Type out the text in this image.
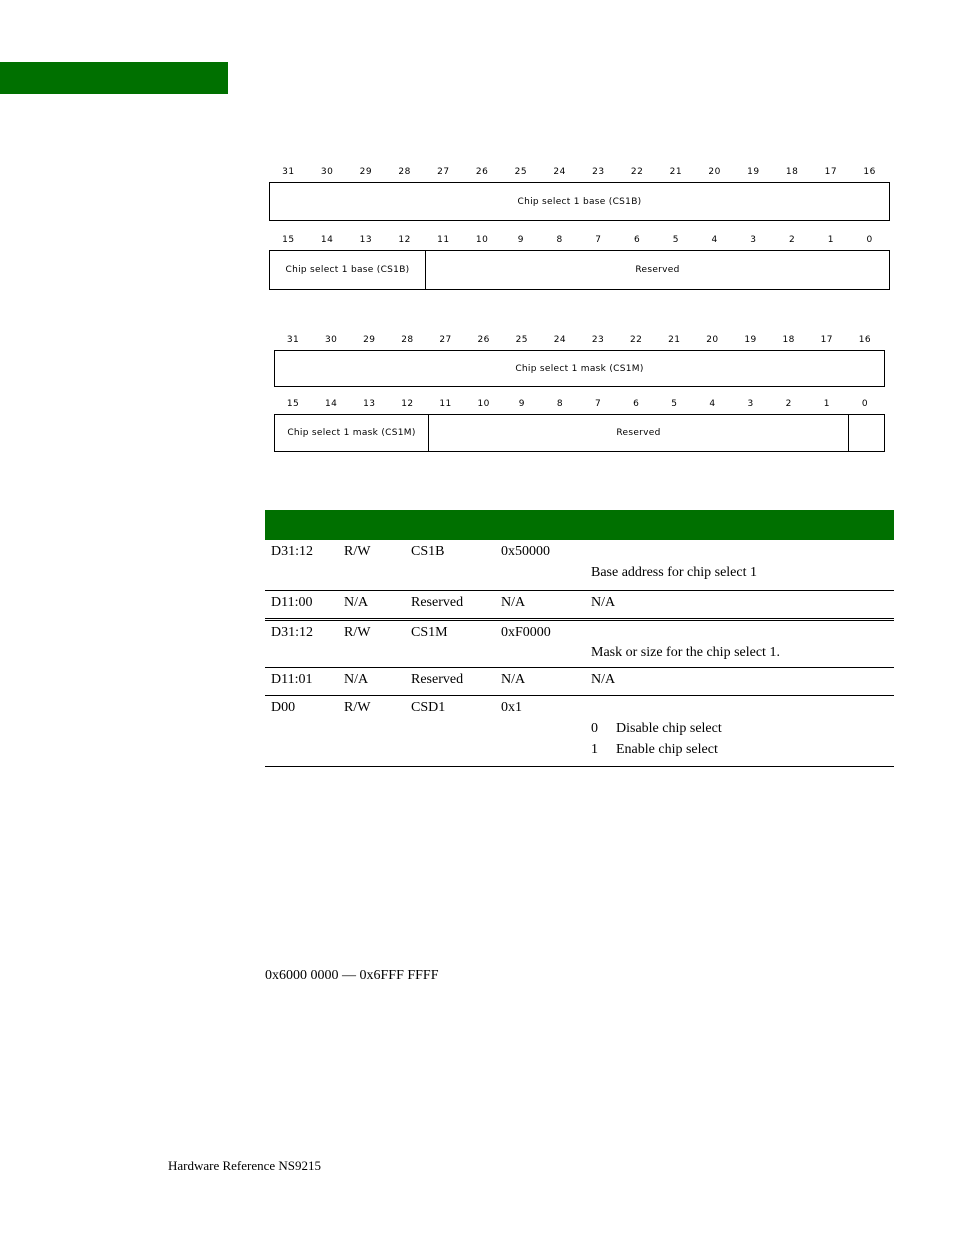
31	30	29	28	27	26	25	24	23	22	21	20	19	18	17	16
Chip select 1 base (CS1B)
15	14	13	12	11	10	9	8	7	6	5	4	3	2	1	0
Chip select 1 base (CS1B)	Reserved
31	30	29	28	27	26	25	24	23	22	21	20	19	18	17	16
Chip select 1 mask (CS1M)
15	14	13	12	11	10	9	8	7	6	5	4	3	2	1	0
Chip select 1 mask (CS1M)	Reserved
D31:12 R/W	CS1B	0x50000
Base address for chip select 1
D11:00 N/A	Reserved	N/A	N/A
D31:12 R/W	CS1M	0xF0000
Mask or size for the chip select 1.
D11:01 N/A	Reserved	N/A	N/A
D00	R/W	CSD1	0x1
0 Disable chip select
1 Enable chip select
0x6000 0000 — 0x6FFF FFFF
Hardware Reference NS9215
